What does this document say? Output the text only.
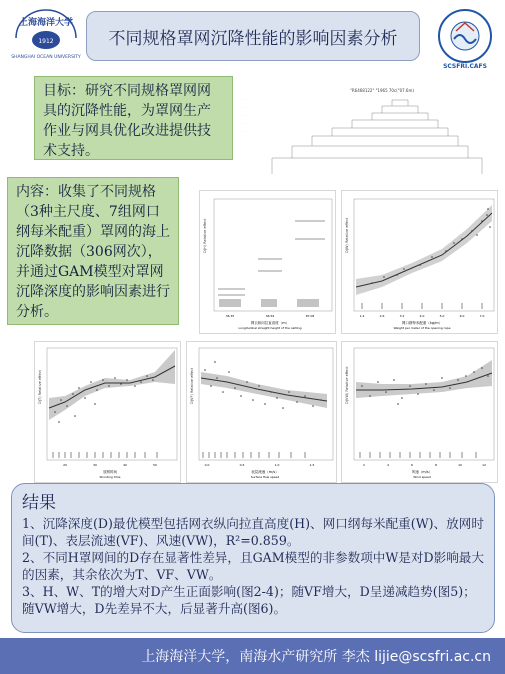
上海海洋大学
1912
SHANGHAI OCEAN UNIVERSITY
不同规格罩网沉降性能的影响因素分析
SCSFRI.CAFS
目标：研究不同规格罩网网具的沉降性能，为罩网生产作业与网具优化改进提供技术支持。
"R6468122" "1965 70c("07.6m)
· · · · · ·
· · · · · ·
· · · · · ·
· · · · · ·
· · · · · ·
内容：收集了不同规格（3种主尺度、7组网口纲每米配重）罩网的海上沉降数据（306网次），并通过GAM模型对罩网沉降深度的影响因素进行分析。
D(H) Relative effect
36.35	46.59	87.08
网衣纵向拉直高度（m）
Longitudinal straight height of the netting
D(W) Relative effect
1.4	2.6	3.2	4.0	5.0	6.0	7.0
网口纲每米配重（kg/m）
Weight per meter of the opening rope
D(T) Relative effect
20	30	40	50
放网时间
Shooting time
D(VF) Relative effect
0.0	0.5	1.0	1.5
表层流速（m/s）
Surface flow speed
D(VW) Relative effect
2	4	6	8	10	12
风速（m/s）
Wind speed
结果

1、沉降深度(D)最优模型包括网衣纵向拉直高度(H)、网口纲每米配重(W)、放网时间(T)、表层流速(VF)、风速(VW)，R²=0.859。

2、不同H罩网间的D存在显著性差异，且GAM模型的非参数项中W是对D影响最大的因素，其余依次为T、VF、VW。

3、H、W、T的增大对D产生正面影响(图2-4)；随VF增大，D呈递减趋势(图5)；随VW增大，D先差异不大，后显著升高(图6)。

上海海洋大学，南海水产研究所 李杰 lijie@scsfri.ac.cn
